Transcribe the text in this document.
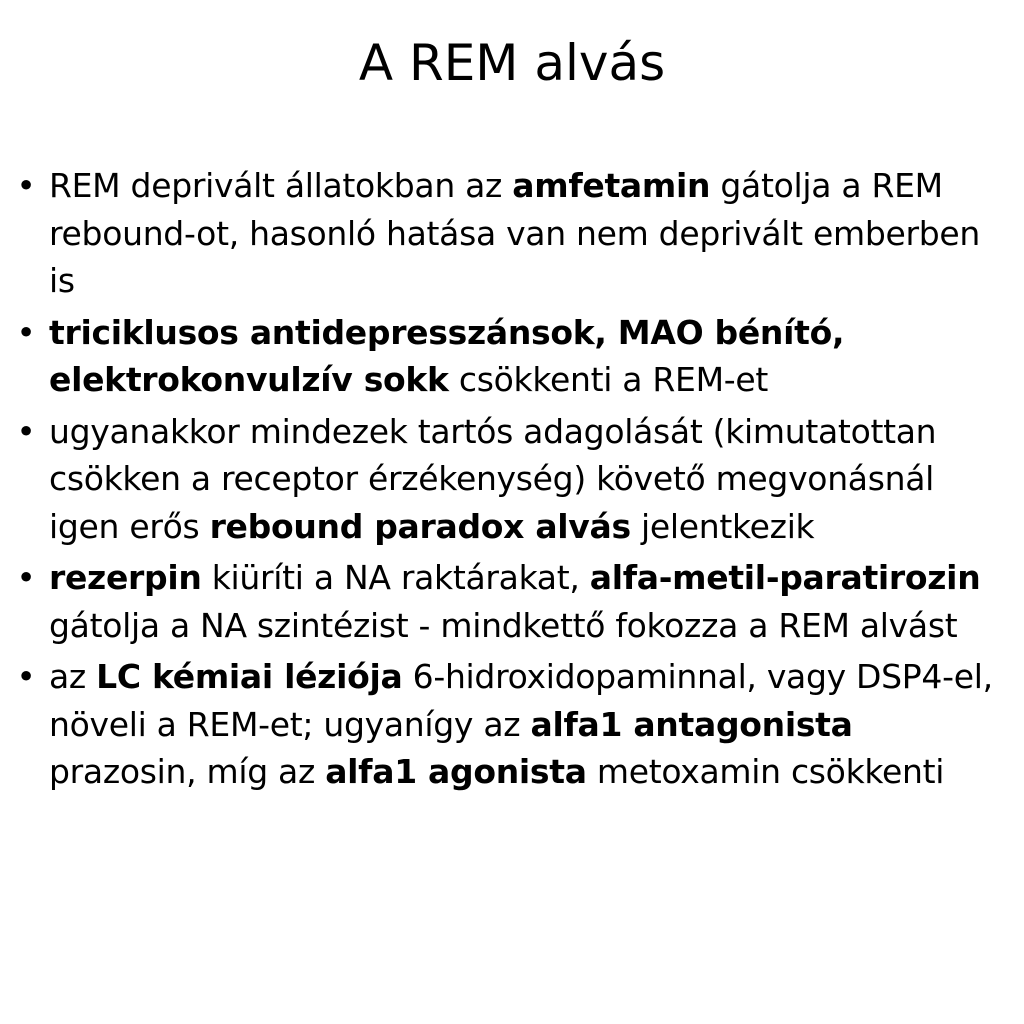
A REM alvás
• REM deprivált állatokban az amfetamin gátolja a REM rebound-ot, hasonló hatása van nem deprivált emberben is
• triciklusos antidepresszánsok, MAO bénító, elektrokonvulzív sokk csökkenti a REM-et
• ugyanakkor mindezek tartós adagolását (kimutatottan csökken a receptor érzékenység) követő megvonásnál igen erős rebound paradox alvás jelentkezik
• rezerpin kiüríti a NA raktárakat, alfa-metil-paratirozin gátolja a NA szintézist - mindkettő fokozza a REM alvást
• az LC kémiai léziója 6-hidroxidopaminnal, vagy DSP4-el, növeli a REM-et; ugyanígy az alfa1 antagonista prazosin, míg az alfa1 agonista metoxamin csökkenti
